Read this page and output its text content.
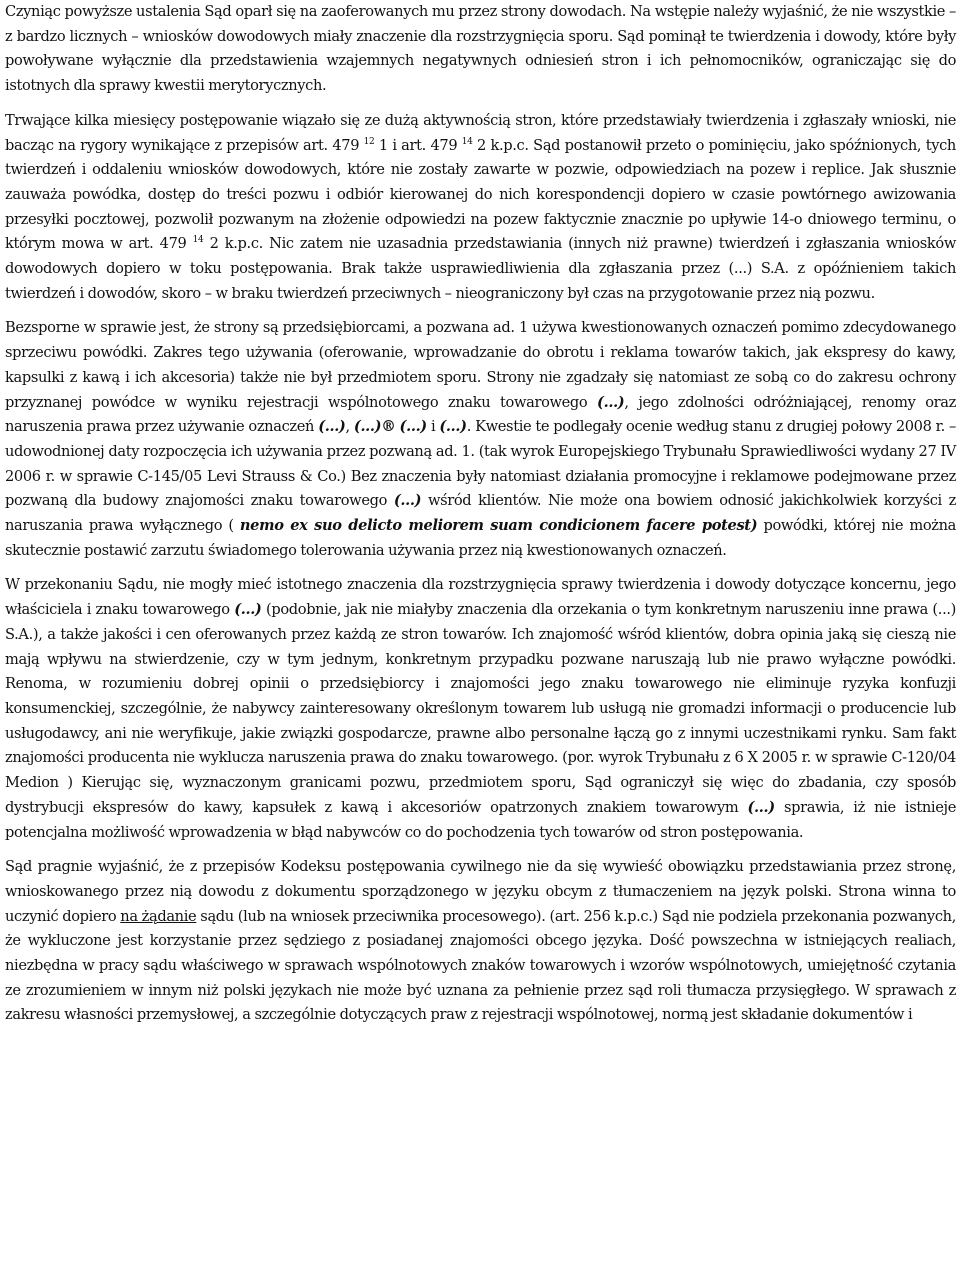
Czyniąc powyższe ustalenia Sąd oparł się na zaoferowanych mu przez strony dowodach. Na wstępie należy wyjaśnić, że nie wszystkie – z bardzo licznych – wniosków dowodowych miały znaczenie dla rozstrzygnięcia sporu. Sąd pominął te twierdzenia i dowody, które były powoływane wyłącznie dla przedstawienia wzajemnych negatywnych odniesień stron i ich pełnomocników, ograniczając się do istotnych dla sprawy kwestii merytorycznych.

Trwające kilka miesięcy postępowanie wiązało się ze dużą aktywnością stron, które przedstawiały twierdzenia i zgłaszały wnioski, nie bacząc na rygory wynikające z przepisów art. 479 $^{12}$ 1 i art. 479 $^{14}$ 2 k.p.c. Sąd postanowił przeto o pominięciu, jako spóźnionych, tych twierdzeń i oddaleniu wniosków dowodowych, które nie zostały zawarte w pozwie, odpowiedziach na pozew i replice. Jak słusznie zauważa powódka, dostęp do treści pozwu i odbiór kierowanej do nich korespondencji dopiero w czasie powtórnego awizowania przesyłki pocztowej, pozwolił pozwanym na złożenie odpowiedzi na pozew faktycznie znacznie po upływie 14-o dniowego terminu, o którym mowa w art. 479 $^{14}$ 2 k.p.c. Nic zatem nie uzasadnia przedstawiania (innych niż prawne) twierdzeń i zgłaszania wniosków dowodowych dopiero w toku postępowania. Brak także usprawiedliwienia dla zgłaszania przez (...) S.A. z opóźnieniem takich twierdzeń i dowodów, skoro – w braku twierdzeń przeciwnych – nieograniczony był czas na przygotowanie przez nią pozwu.

Bezsporne w sprawie jest, że strony są przedsiębiorcami, a pozwana ad. 1 używa kwestionowanych oznaczeń pomimo zdecydowanego sprzeciwu powódki. Zakres tego używania (oferowanie, wprowadzanie do obrotu i reklama towarów takich, jak ekspresy do kawy, kapsulki z kawą i ich akcesoria) także nie był przedmiotem sporu. Strony nie zgadzały się natomiast ze sobą co do zakresu ochrony przyznanej powódce w wyniku rejestracji wspólnotowego znaku towarowego (...), jego zdolności odróżniającej, renomy oraz naruszenia prawa przez używanie oznaczeń (...), (...)® (...) i (...). Kwestie te podlegały ocenie według stanu z drugiej połowy 2008 r. – udowodnionej daty rozpoczęcia ich używania przez pozwaną ad. 1. (tak wyrok Europejskiego Trybunału Sprawiedliwości wydany 27 IV 2006 r. w sprawie C-145/05 Levi Strauss & Co.) Bez znaczenia były natomiast działania promocyjne i reklamowe podejmowane przez pozwaną dla budowy znajomości znaku towarowego (...) wśród klientów. Nie może ona bowiem odnosić jakichkolwiek korzyści z naruszania prawa wyłącznego ( nemo ex suo delicto meliorem suam condicionem facere potest) powódki, której nie można skutecznie postawić zarzutu świadomego tolerowania używania przez nią kwestionowanych oznaczeń.

W przekonaniu Sądu, nie mogły mieć istotnego znaczenia dla rozstrzygnięcia sprawy twierdzenia i dowody dotyczące koncernu, jego właściciela i znaku towarowego (...) (podobnie, jak nie miałyby znaczenia dla orzekania o tym konkretnym naruszeniu inne prawa (...) S.A.), a także jakości i cen oferowanych przez każdą ze stron towarów. Ich znajomość wśród klientów, dobra opinia jaką się cieszą nie mają wpływu na stwierdzenie, czy w tym jednym, konkretnym przypadku pozwane naruszają lub nie prawo wyłączne powódki. Renoma, w rozumieniu dobrej opinii o przedsiębiorcy i znajomości jego znaku towarowego nie eliminuje ryzyka konfuzji konsumenckiej, szczególnie, że nabywcy zainteresowany określonym towarem lub usługą nie gromadzi informacji o producencie lub usługodawcy, ani nie weryfikuje, jakie związki gospodarcze, prawne albo personalne łączą go z innymi uczestnikami rynku. Sam fakt znajomości producenta nie wyklucza naruszenia prawa do znaku towarowego. (por. wyrok Trybunału z 6 X 2005 r. w sprawie C-120/04 Medion ) Kierując się, wyznaczonym granicami pozwu, przedmiotem sporu, Sąd ograniczył się więc do zbadania, czy sposób dystrybucji ekspresów do kawy, kapsułek z kawą i akcesoriów opatrzonych znakiem towarowym (...) sprawia, iż nie istnieje potencjalna możliwość wprowadzenia w błąd nabywców co do pochodzenia tych towarów od stron postępowania.

Sąd pragnie wyjaśnić, że z przepisów Kodeksu postępowania cywilnego nie da się wywieść obowiązku przedstawiania przez stronę, wnioskowanego przez nią dowodu z dokumentu sporządzonego w języku obcym z tłumaczeniem na język polski. Strona winna to uczynić dopiero na żądanie sądu (lub na wniosek przeciwnika procesowego). (art. 256 k.p.c.) Sąd nie podziela przekonania pozwanych, że wykluczone jest korzystanie przez sędziego z posiadanej znajomości obcego języka. Dość powszechna w istniejących realiach, niezbędna w pracy sądu właściwego w sprawach wspólnotowych znaków towarowych i wzorów wspólnotowych, umiejętność czytania ze zrozumieniem w innym niż polski językach nie może być uznana za pełnienie przez sąd roli tłumacza przysięgłego. W sprawach z zakresu własności przemysłowej, a szczególnie dotyczących praw z rejestracji wspólnotowej, normą jest składanie dokumentów i
